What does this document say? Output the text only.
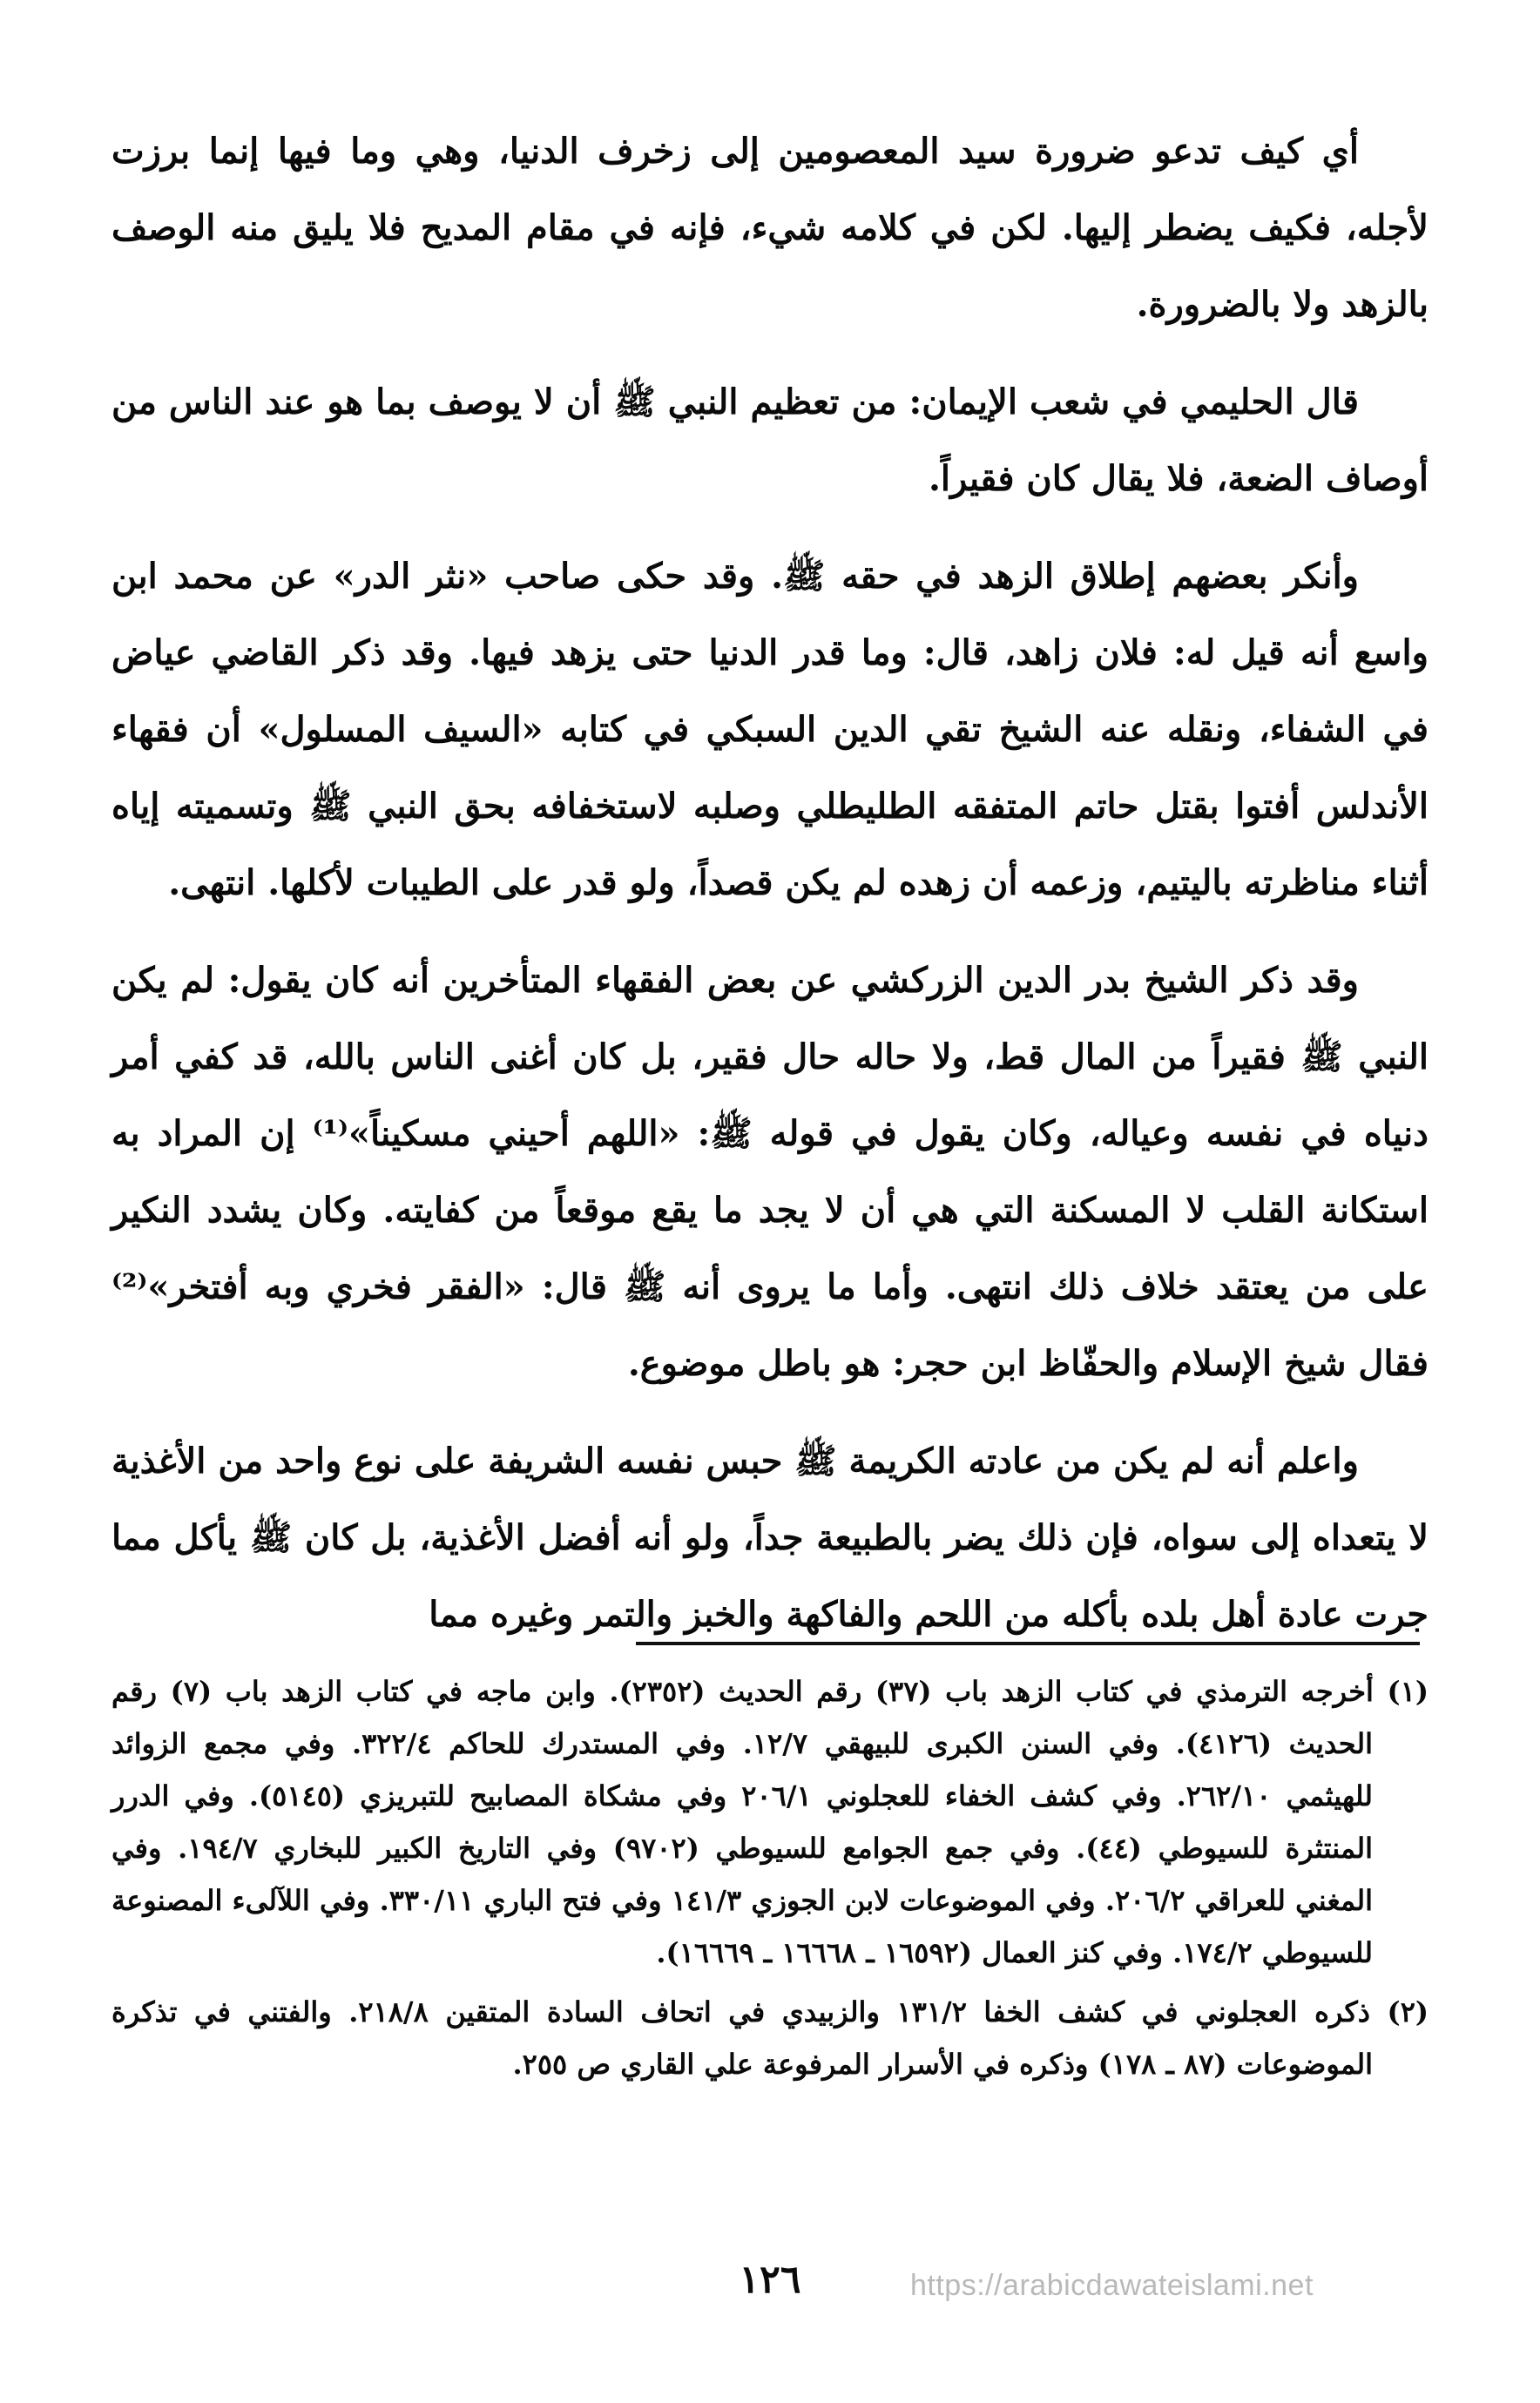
أي كيف تدعو ضرورة سيد المعصومين إلى زخرف الدنيا، وهي وما فيها إنما برزت لأجله، فكيف يضطر إليها. لكن في كلامه شيء، فإنه في مقام المديح فلا يليق منه الوصف بالزهد ولا بالضرورة.

قال الحليمي في شعب الإيمان: من تعظيم النبي ﷺ أن لا يوصف بما هو عند الناس من أوصاف الضعة، فلا يقال كان فقيراً.

وأنكر بعضهم إطلاق الزهد في حقه ﷺ. وقد حكى صاحب «نثر الدر» عن محمد ابن واسع أنه قيل له: فلان زاهد، قال: وما قدر الدنيا حتى يزهد فيها. وقد ذكر القاضي عياض في الشفاء، ونقله عنه الشيخ تقي الدين السبكي في كتابه «السيف المسلول» أن فقهاء الأندلس أفتوا بقتل حاتم المتفقه الطليطلي وصلبه لاستخفافه بحق النبي ﷺ وتسميته إياه أثناء مناظرته باليتيم، وزعمه أن زهده لم يكن قصداً، ولو قدر على الطيبات لأكلها. انتهى.

وقد ذكر الشيخ بدر الدين الزركشي عن بعض الفقهاء المتأخرين أنه كان يقول: لم يكن النبي ﷺ فقيراً من المال قط، ولا حاله حال فقير، بل كان أغنى الناس بالله، قد كفي أمر دنياه في نفسه وعياله، وكان يقول في قوله ﷺ: «اللهم أحيني مسكيناً»⁽¹⁾ إن المراد به استكانة القلب لا المسكنة التي هي أن لا يجد ما يقع موقعاً من كفايته. وكان يشدد النكير على من يعتقد خلاف ذلك انتهى. وأما ما يروى أنه ﷺ قال: «الفقر فخري وبه أفتخر»⁽²⁾ فقال شيخ الإسلام والحفّاظ ابن حجر: هو باطل موضوع.

واعلم أنه لم يكن من عادته الكريمة ﷺ حبس نفسه الشريفة على نوع واحد من الأغذية لا يتعداه إلى سواه، فإن ذلك يضر بالطبيعة جداً، ولو أنه أفضل الأغذية، بل كان ﷺ يأكل مما جرت عادة أهل بلده بأكله من اللحم والفاكهة والخبز والتمر وغيره مما

(١) أخرجه الترمذي في كتاب الزهد باب (٣٧) رقم الحديث (٢٣٥٢). وابن ماجه في كتاب الزهد باب (٧) رقم الحديث (٤١٢٦). وفي السنن الكبرى للبيهقي ١٢/٧. وفي المستدرك للحاكم ٣٢٢/٤. وفي مجمع الزوائد للهيثمي ٢٦٢/١٠. وفي كشف الخفاء للعجلوني ٢٠٦/١ وفي مشكاة المصابيح للتبريزي (٥١٤٥). وفي الدرر المنتثرة للسيوطي (٤٤). وفي جمع الجوامع للسيوطي (٩٧٠٢) وفي التاريخ الكبير للبخاري ١٩٤/٧. وفي المغني للعراقي ٢٠٦/٢. وفي الموضوعات لابن الجوزي ١٤١/٣ وفي فتح الباري ٣٣٠/١١. وفي اللآلىء المصنوعة للسيوطي ١٧٤/٢. وفي كنز العمال (١٦٥٩٢ ـ ١٦٦٦٨ ـ ١٦٦٦٩).

(٢) ذكره العجلوني في كشف الخفا ١٣١/٢ والزبيدي في اتحاف السادة المتقين ٢١٨/٨. والفتني في تذكرة الموضوعات (٨٧ ـ ١٧٨) وذكره في الأسرار المرفوعة علي القاري ص ٢٥٥.

١٢٦	https://arabicdawateislami.net
